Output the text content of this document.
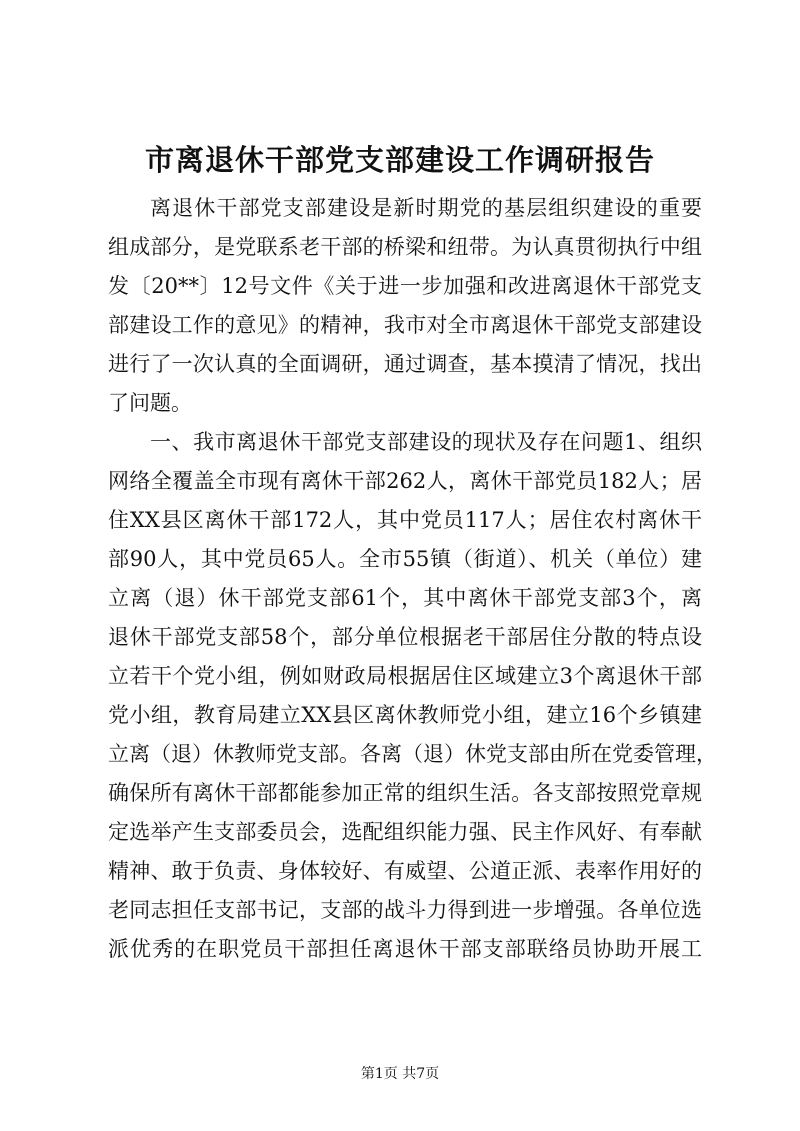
市离退休干部党支部建设工作调研报告
离退休干部党支部建设是新时期党的基层组织建设的重要
组成部分，是党联系老干部的桥梁和纽带。为认真贯彻执行中组
发〔20**〕12号文件《关于进一步加强和改进离退休干部党支
部建设工作的意见》的精神，我市对全市离退休干部党支部建设
进行了一次认真的全面调研，通过调查，基本摸清了情况，找出
了问题。
一、我市离退休干部党支部建设的现状及存在问题1、组织
网络全覆盖全市现有离休干部262人，离休干部党员182人；居
住XX县区离休干部172人，其中党员117人；居住农村离休干
部90人，其中党员65人。全市55镇（街道）、机关（单位）建
立离（退）休干部党支部61个，其中离休干部党支部3个，离
退休干部党支部58个，部分单位根据老干部居住分散的特点设
立若干个党小组，例如财政局根据居住区域建立3个离退休干部
党小组，教育局建立XX县区离休教师党小组，建立16个乡镇建
立离（退）休教师党支部。各离（退）休党支部由所在党委管理，
确保所有离休干部都能参加正常的组织生活。各支部按照党章规
定选举产生支部委员会，选配组织能力强、民主作风好、有奉献
精神、敢于负责、身体较好、有威望、公道正派、表率作用好的
老同志担任支部书记，支部的战斗力得到进一步增强。各单位选
派优秀的在职党员干部担任离退休干部支部联络员协助开展工
第1页 共7页
